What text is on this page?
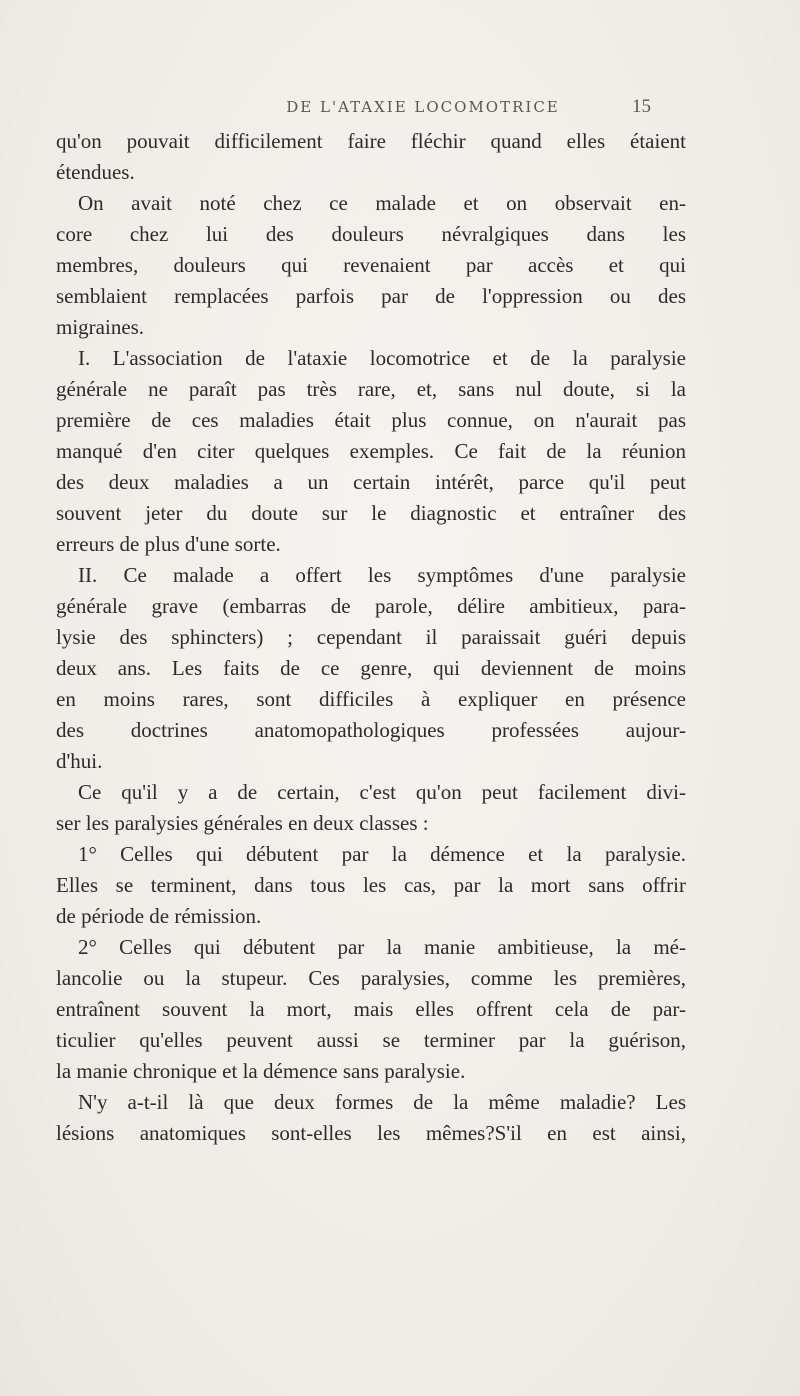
DE L'ATAXIE LOCOMOTRICE	15
qu'on pouvait difficilement faire fléchir quand elles étaient
étendues.
On avait noté chez ce malade et on observait en-
core chez lui des douleurs névralgiques dans les
membres, douleurs qui revenaient par accès et qui
semblaient remplacées parfois par de l'oppression ou des
migraines.
I. L'association de l'ataxie locomotrice et de la paralysie
générale ne paraît pas très rare, et, sans nul doute, si la
première de ces maladies était plus connue, on n'aurait pas
manqué d'en citer quelques exemples. Ce fait de la réunion
des deux maladies a un certain intérêt, parce qu'il peut
souvent jeter du doute sur le diagnostic et entraîner des
erreurs de plus d'une sorte.
II. Ce malade a offert les symptômes d'une paralysie
générale grave (embarras de parole, délire ambitieux, para-
lysie des sphincters) ; cependant il paraissait guéri depuis
deux ans. Les faits de ce genre, qui deviennent de moins
en moins rares, sont difficiles à expliquer en présence
des doctrines anatomopathologiques professées aujour-
d'hui.
Ce qu'il y a de certain, c'est qu'on peut facilement divi-
ser les paralysies générales en deux classes :
1° Celles qui débutent par la démence et la paralysie.
Elles se terminent, dans tous les cas, par la mort sans offrir
de période de rémission.
2° Celles qui débutent par la manie ambitieuse, la mé-
lancolie ou la stupeur. Ces paralysies, comme les premières,
entraînent souvent la mort, mais elles offrent cela de par-
ticulier qu'elles peuvent aussi se terminer par la guérison,
la manie chronique et la démence sans paralysie.
N'y a-t-il là que deux formes de la même maladie? Les
lésions anatomiques sont-elles les mêmes?S'il en est ainsi,
